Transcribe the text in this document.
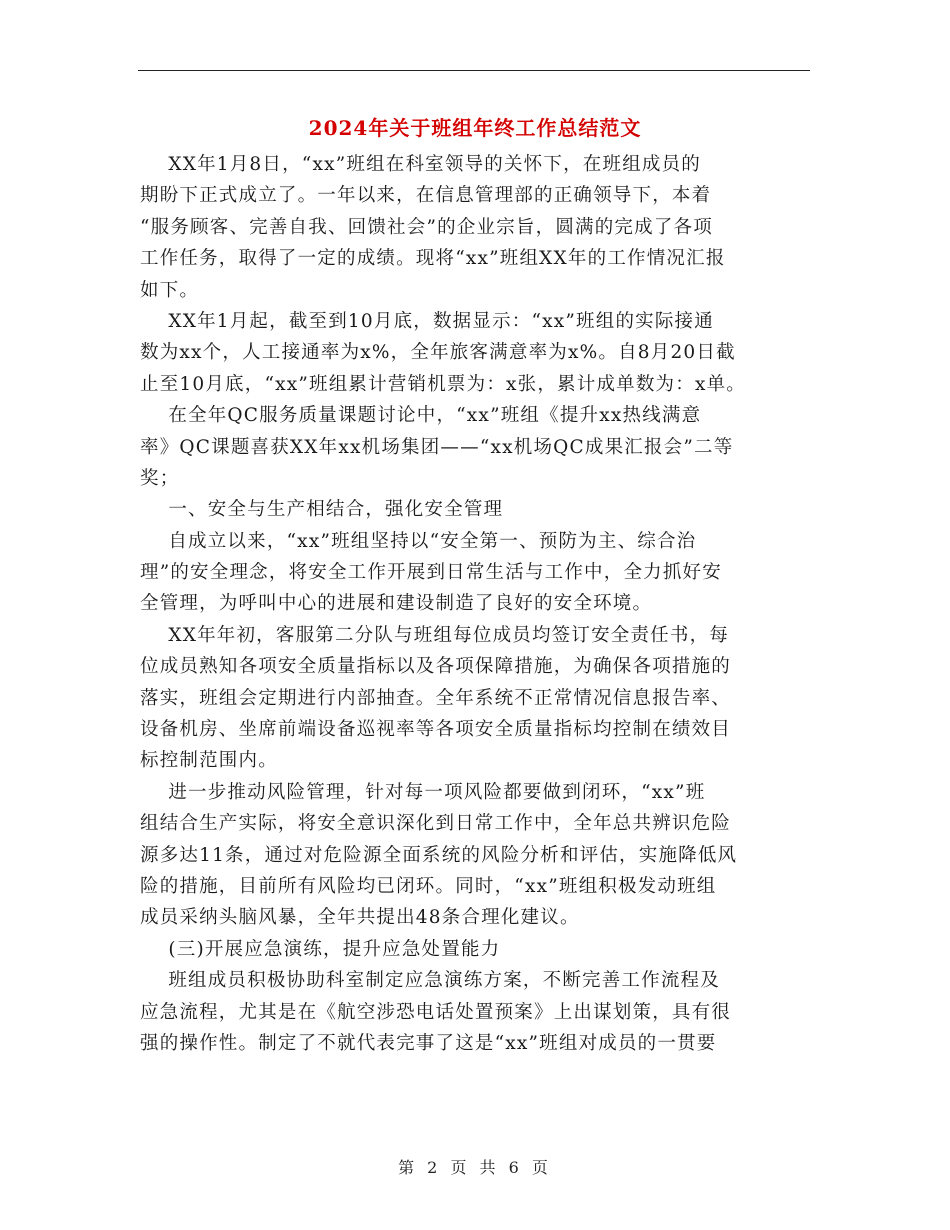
2024年关于班组年终工作总结范文
XX年1月8日，“xx”班组在科室领导的关怀下，在班组成员的
期盼下正式成立了。一年以来，在信息管理部的正确领导下，本着
“服务顾客、完善自我、回馈社会”的企业宗旨，圆满的完成了各项
工作任务，取得了一定的成绩。现将“xx”班组XX年的工作情况汇报
如下。
XX年1月起，截至到10月底，数据显示：“xx”班组的实际接通
数为xx个，人工接通率为x%，全年旅客满意率为x%。自8月20日截
止至10月底，“xx”班组累计营销机票为：x张，累计成单数为：x单。
在全年QC服务质量课题讨论中，“xx”班组《提升xx热线满意
率》QC课题喜获XX年xx机场集团——“xx机场QC成果汇报会”二等
奖；
一、安全与生产相结合，强化安全管理
自成立以来，“xx”班组坚持以“安全第一、预防为主、综合治
理”的安全理念，将安全工作开展到日常生活与工作中，全力抓好安
全管理，为呼叫中心的进展和建设制造了良好的安全环境。
XX年年初，客服第二分队与班组每位成员均签订安全责任书，每
位成员熟知各项安全质量指标以及各项保障措施，为确保各项措施的
落实，班组会定期进行内部抽查。全年系统不正常情况信息报告率、
设备机房、坐席前端设备巡视率等各项安全质量指标均控制在绩效目
标控制范围内。
进一步推动风险管理，针对每一项风险都要做到闭环，“xx”班
组结合生产实际，将安全意识深化到日常工作中，全年总共辨识危险
源多达11条，通过对危险源全面系统的风险分析和评估，实施降低风
险的措施，目前所有风险均已闭环。同时，“xx”班组积极发动班组
成员采纳头脑风暴，全年共提出48条合理化建议。
(三)开展应急演练，提升应急处置能力
班组成员积极协助科室制定应急演练方案，不断完善工作流程及
应急流程，尤其是在《航空涉恐电话处置预案》上出谋划策，具有很
强的操作性。制定了不就代表完事了这是“xx”班组对成员的一贯要
第 2 页 共 6 页
